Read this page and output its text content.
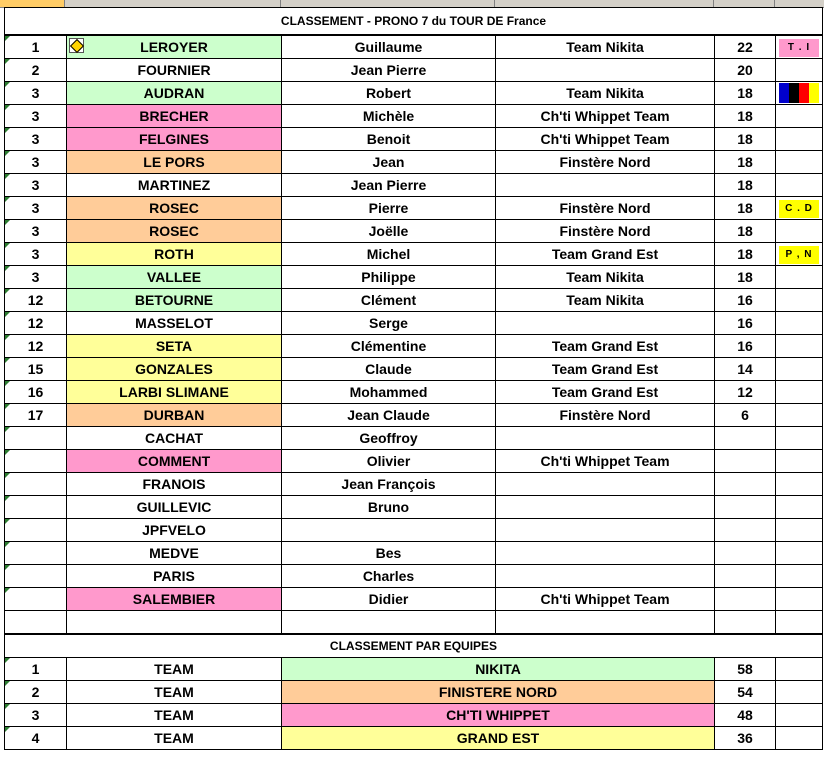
CLASSEMENT - PRONO 7 du TOUR DE France					

1	LEROYER	Guillaume	Team Nikita	22	T . I

2	FOURNIER	Jean Pierre		20	

3	AUDRAN	Robert	Team Nikita	18	

3	BRECHER	Michèle	Ch'ti Whippet Team	18	

3	FELGINES	Benoit	Ch'ti Whippet Team	18	

3	LE PORS	Jean	Finstère Nord	18	

3	MARTINEZ	Jean Pierre		18	

3	ROSEC	Pierre	Finstère Nord	18	C . D

3	ROSEC	Joëlle	Finstère Nord	18	

3	ROTH	Michel	Team Grand Est	18	P , N

3	VALLEE	Philippe	Team Nikita	18	

12	BETOURNE	Clément	Team Nikita	16	

12	MASSELOT	Serge		16	

12	SETA	Clémentine	Team Grand Est	16	

15	GONZALES	Claude	Team Grand Est	14	

16	LARBI SLIMANE	Mohammed	Team Grand Est	12	

17	DURBAN	Jean Claude	Finstère Nord	6	

	CACHAT	Geoffroy			

	COMMENT	Olivier	Ch'ti Whippet Team		

	FRANOIS	Jean François			

	GUILLEVIC	Bruno			

	JPFVELO				

	MEDVE	Bes			

	PARIS	Charles			

	SALEMBIER	Didier	Ch'ti Whippet Team		

CLASSEMENT PAR EQUIPES					

1	TEAM	NIKITA		58	

2	TEAM	FINISTERE NORD		54	

3	TEAM	CH'TI WHIPPET		48	

4	TEAM	GRAND EST		36	
